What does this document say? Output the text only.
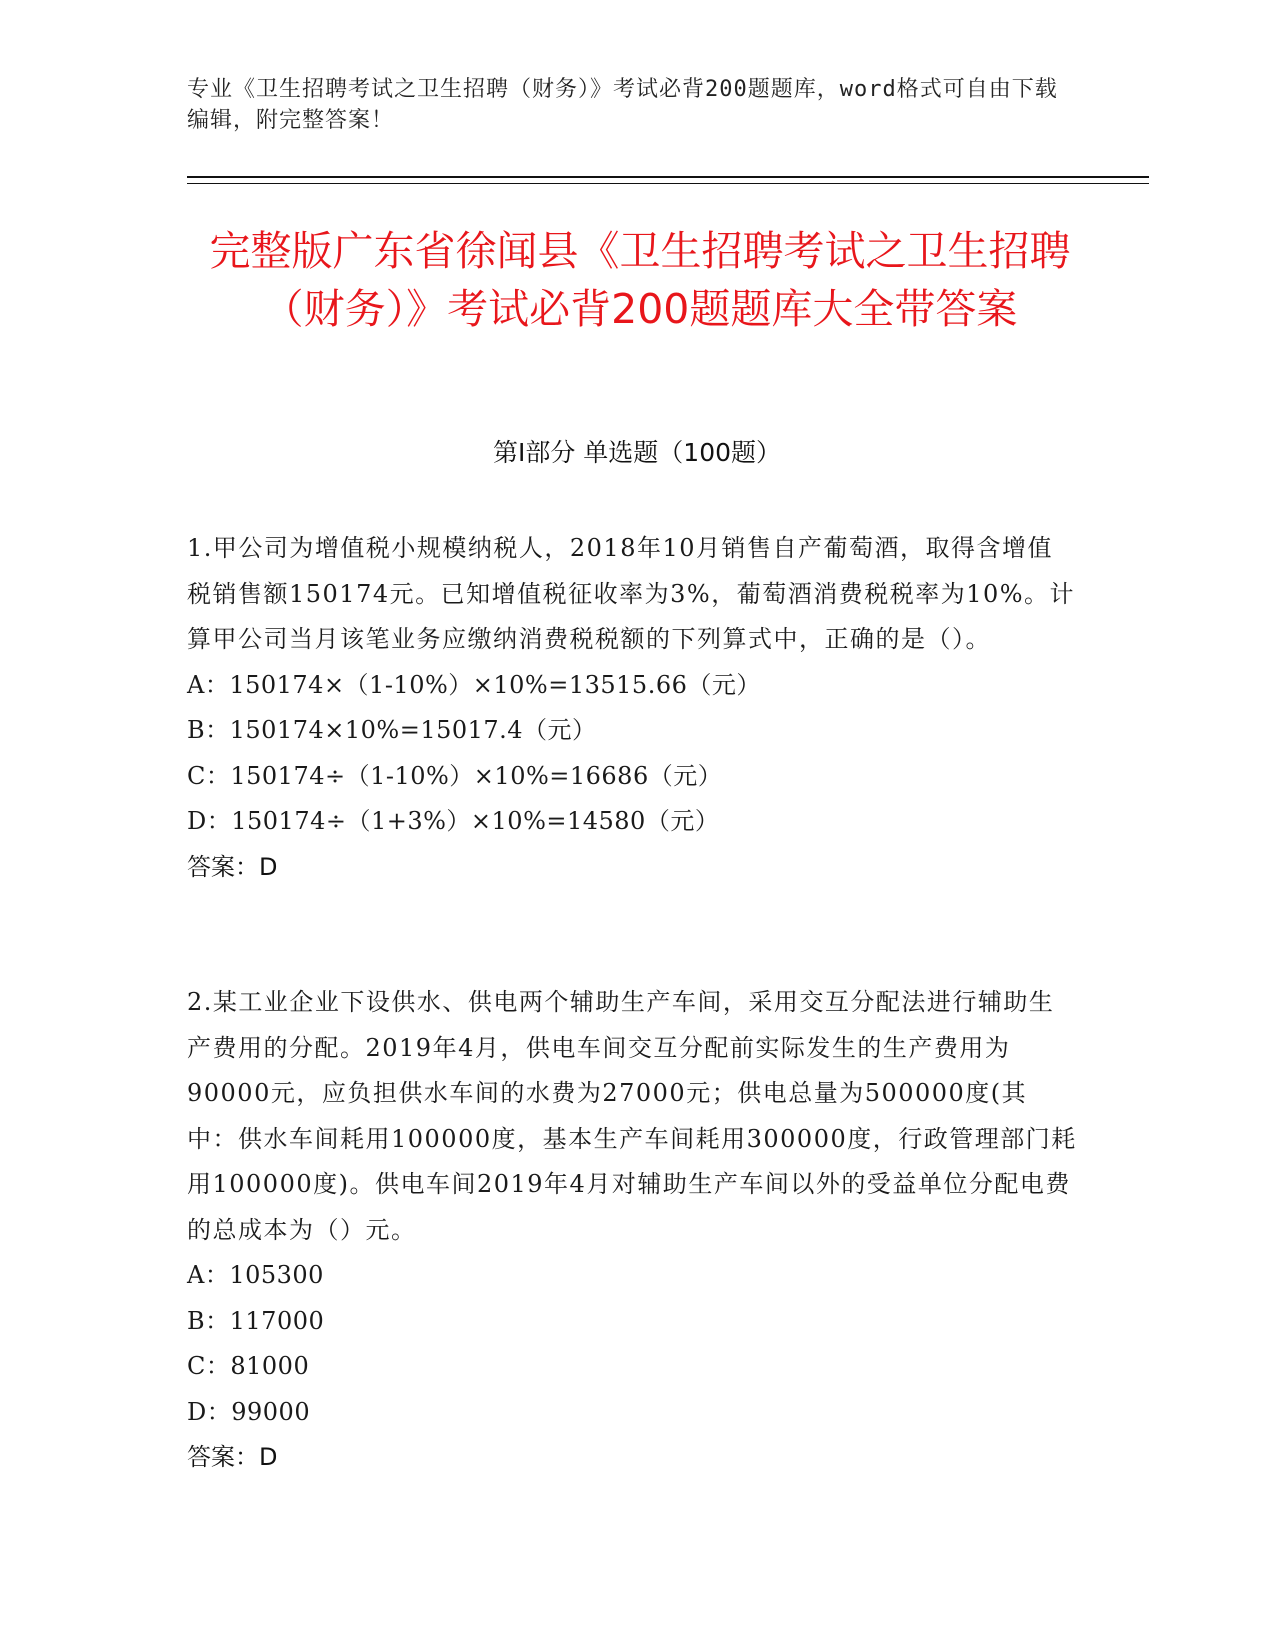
专业《卫生招聘考试之卫生招聘（财务）》考试必背200题题库，word格式可自由下载编辑，附完整答案！
完整版广东省徐闻县《卫生招聘考试之卫生招聘（财务）》考试必背200题题库大全带答案
第Ⅰ部分 单选题（100题）

1.甲公司为增值税小规模纳税人，2018年10月销售自产葡萄酒，取得含增值税销售额150174元。已知增值税征收率为3%，葡萄酒消费税税率为10%。计算甲公司当月该笔业务应缴纳消费税税额的下列算式中，正确的是（）。

A：150174×（1-10%）×10%=13515.66（元）

B：150174×10%=15017.4（元）

C：150174÷（1-10%）×10%=16686（元）

D：150174÷（1+3%）×10%=14580（元）

答案：D

2.某工业企业下设供水、供电两个辅助生产车间，采用交互分配法进行辅助生产费用的分配。2019年4月，供电车间交互分配前实际发生的生产费用为90000元，应负担供水车间的水费为27000元；供电总量为500000度(其中：供水车间耗用100000度，基本生产车间耗用300000度，行政管理部门耗用100000度)。供电车间2019年4月对辅助生产车间以外的受益单位分配电费的总成本为（）元。

A：105300

B：117000

C：81000

D：99000

答案：D
